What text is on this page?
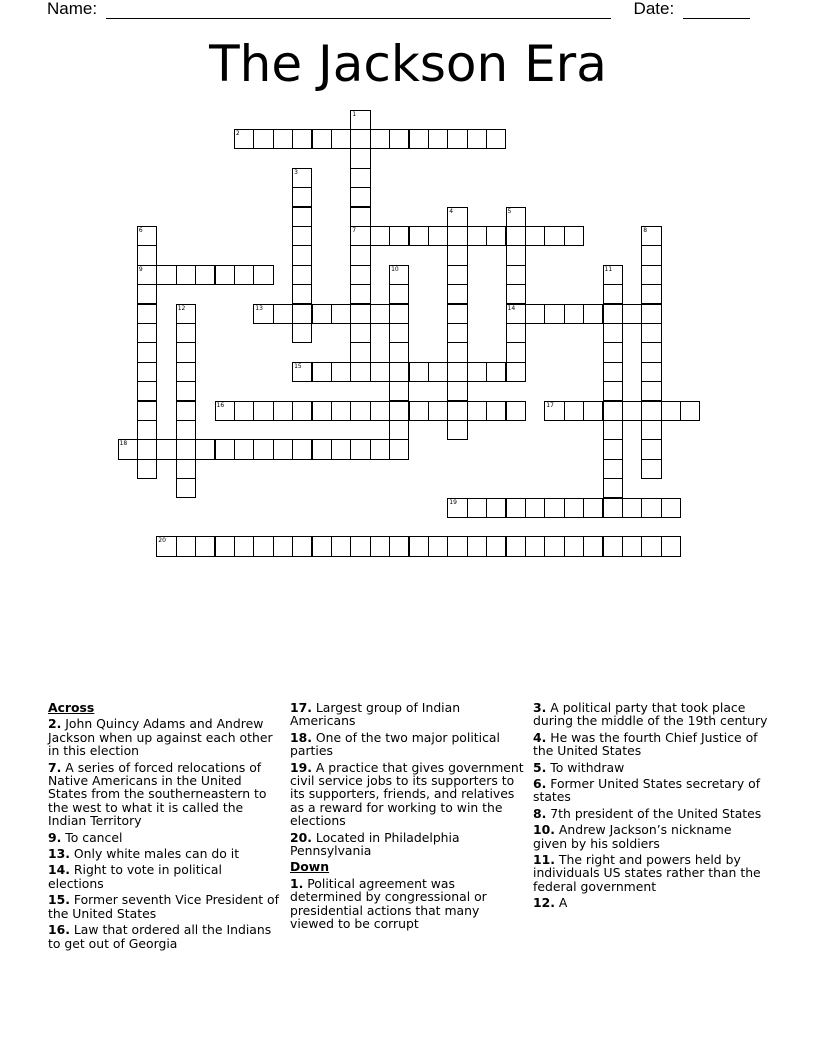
Name:	Date:
The Jackson Era
1
7
2
3
4	5
14
6
9
8
10	11
12	13
15
16	17
18
19
20
Across
2. John Quincy Adams and Andrew Jackson when up against each other in this election
7. A series of forced relocations of Native Americans in the United States from the southerneastern to the west to what it is called the Indian Territory
9. To cancel
13. Only white males can do it
14. Right to vote in political elections
15. Former seventh Vice President of the United States
16. Law that ordered all the Indians to get out of Georgia
17. Largest group of Indian Americans
18. One of the two major political parties
19. A practice that gives government civil service jobs to its supporters to its supporters, friends, and relatives as a reward for working to win the elections
20. Located in Philadelphia Pennsylvania
Down
1. Political agreement was determined by congressional or presidential actions that many viewed to be corrupt
3. A political party that took place during the middle of the 19th century
4. He was the fourth Chief Justice of the United States
5. To withdraw
6. Former United States secretary of states
8. 7th president of the United States
10. Andrew Jackson’s nickname given by his soldiers
11. The right and powers held by individuals US states rather than the federal government
12. A
